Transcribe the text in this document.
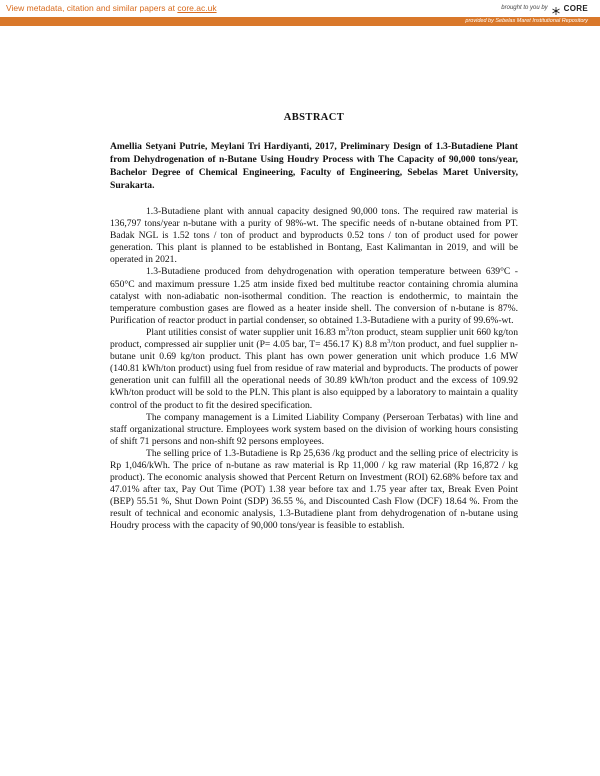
View metadata, citation and similar papers at core.ac.uk	brought to you by CORE
provided by Sebelas Maret Institutional Repository
ABSTRACT

Amellia Setyani Putrie, Meylani Tri Hardiyanti, 2017, Preliminary Design of 1.3-Butadiene Plant from Dehydrogenation of n-Butane Using Houdry Process with The Capacity of 90,000 tons/year, Bachelor Degree of Chemical Engineering, Faculty of Engineering, Sebelas Maret University, Surakarta.

1.3-Butadiene plant with annual capacity designed 90,000 tons. The required raw material is 136,797 tons/year n-butane with a purity of 98%-wt. The specific needs of n-butane obtained from PT. Badak NGL is 1.52 tons / ton of product and byproducts 0.52 tons / ton of product used for power generation. This plant is planned to be established in Bontang, East Kalimantan in 2019, and will be operated in 2021.

1.3-Butadiene produced from dehydrogenation with operation temperature between 639°C - 650°C and maximum pressure 1.25 atm inside fixed bed multitube reactor containing chromia alumina catalyst with non-adiabatic non-isothermal condition. The reaction is endothermic, to maintain the temperature combustion gases are flowed as a heater inside shell. The conversion of n-butane is 87%. Purification of reactor product in partial condenser, so obtained 1.3-Butadiene with a purity of 99.6%-wt.

Plant utilities consist of water supplier unit 16.83 $m^3$/ton product, steam supplier unit 660 kg/ton product, compressed air supplier unit (P= 4.05 bar, T= 456.17 K) 8.8 $m^3$/ton product, and fuel supplier n-butane unit 0.69 kg/ton product. This plant has own power generation unit which produce 1.6 MW (140.81 kWh/ton product) using fuel from residue of raw material and byproducts. The products of power generation unit can fulfill all the operational needs of 30.89 kWh/ton product and the excess of 109.92 kWh/ton product will be sold to the PLN. This plant is also equipped by a laboratory to maintain a quality control of the product to fit the desired specification.

The company management is a Limited Liability Company (Perseroan Terbatas) with line and staff organizational structure. Employees work system based on the division of working hours consisting of shift 71 persons and non-shift 92 persons employees.

The selling price of 1.3-Butadiene is Rp 25,636 /kg product and the selling price of electricity is Rp 1,046/kWh. The price of n-butane as raw material is Rp 11,000 / kg raw material (Rp 16,872 / kg product). The economic analysis showed that Percent Return on Investment (ROI) 62.68% before tax and 47.01% after tax, Pay Out Time (POT) 1.38 year before tax and 1.75 year after tax, Break Even Point (BEP) 55.51 %, Shut Down Point (SDP) 36.55 %, and Discounted Cash Flow (DCF) 18.64 %. From the result of technical and economic analysis, 1.3-Butadiene plant from dehydrogenation of n-butane using Houdry process with the capacity of 90,000 tons/year is feasible to establish.
